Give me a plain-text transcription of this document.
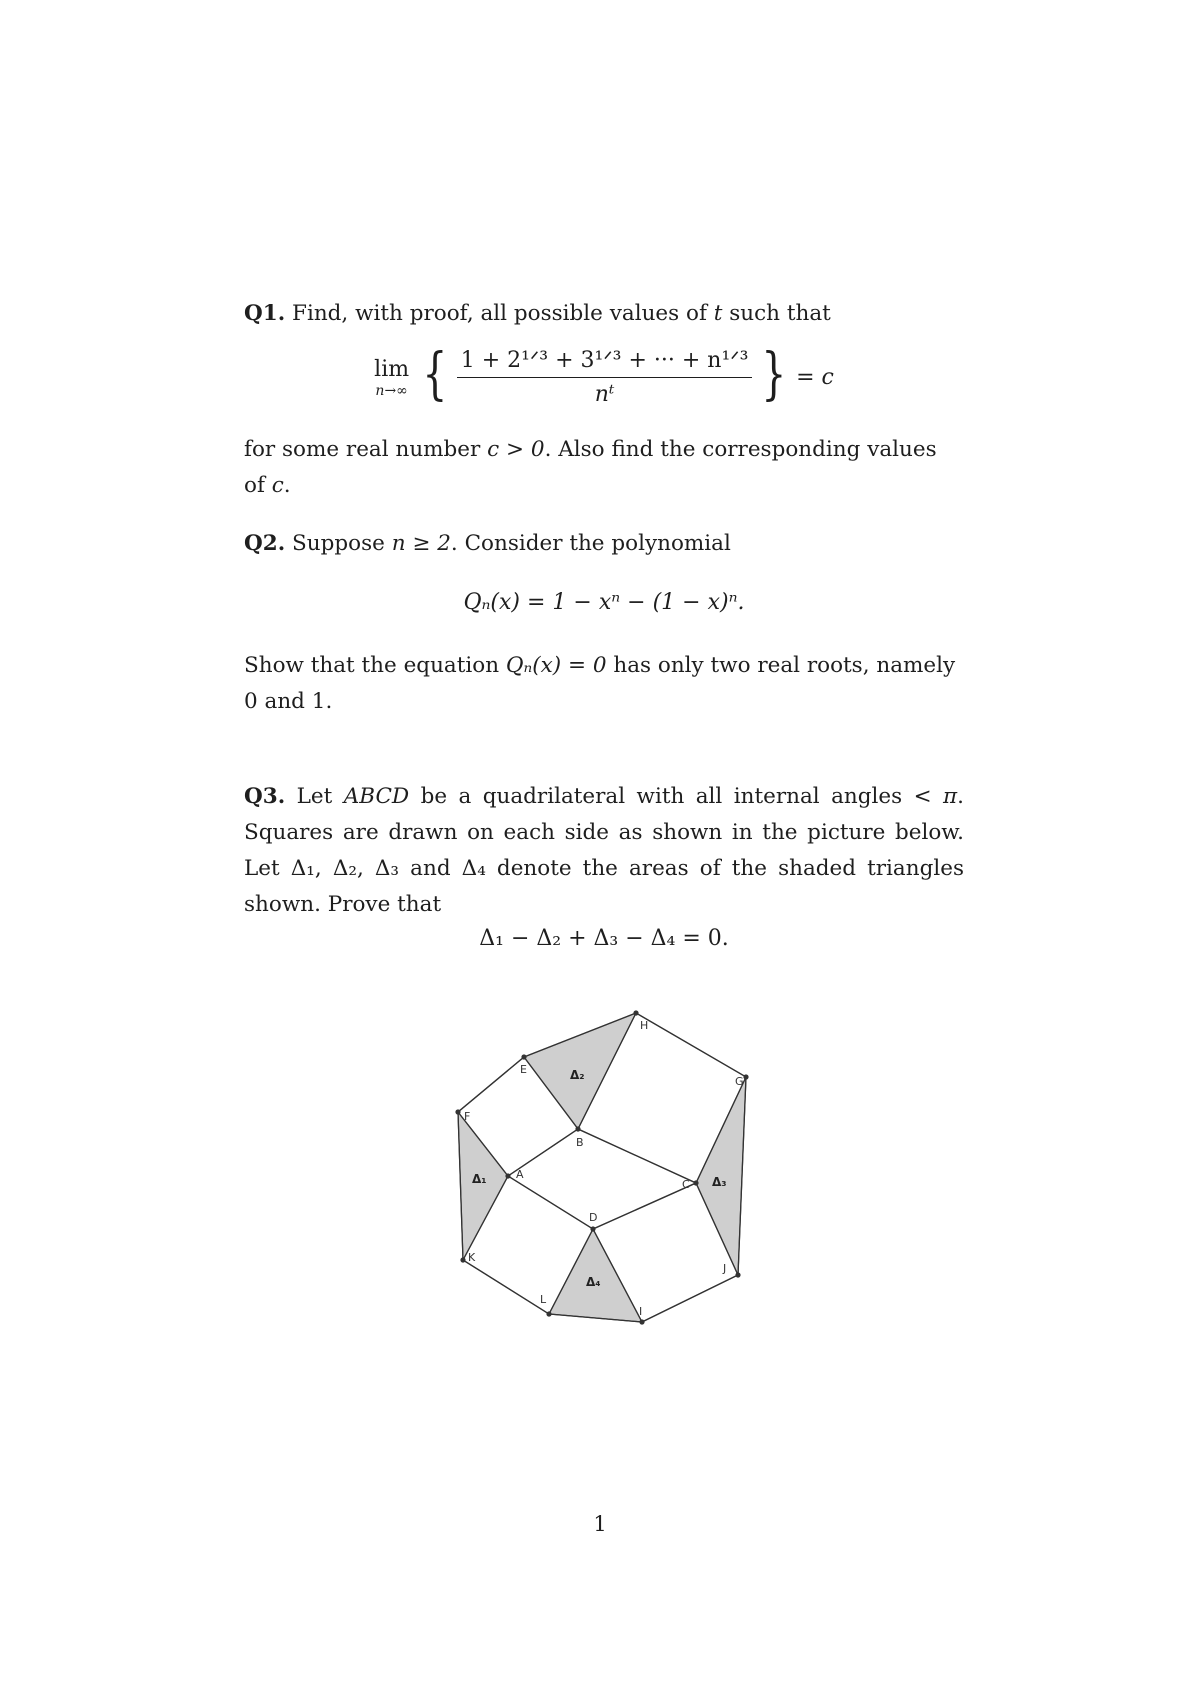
Q1. Find, with proof, all possible values of t such that

lim
n→∞ { $\frac{\text{1 + 2¹ᐟ³ + 3¹ᐟ³ + ··· + n¹ᐟ³}}{\text{nᵗ}}$ } = c

for some real number c > 0. Also find the corresponding values of c.

Q2. Suppose n ≥ 2. Consider the polynomial

Qₙ(x) = 1 − xⁿ − (1 − x)ⁿ.

Show that the equation Qₙ(x) = 0 has only two real roots, namely 0 and 1.

Q3. Let ABCD be a quadrilateral with all internal angles < π. Squares are drawn on each side as shown in the picture below. Let Δ₁, Δ₂, Δ₃ and Δ₄ denote the areas of the shaded triangles shown. Prove that

Δ₁ − Δ₂ + Δ₃ − Δ₄ = 0.
A
B
C
D
E
F
G
H
I
J
K
L
Δ₁
Δ₂
Δ₃
Δ₄
1
